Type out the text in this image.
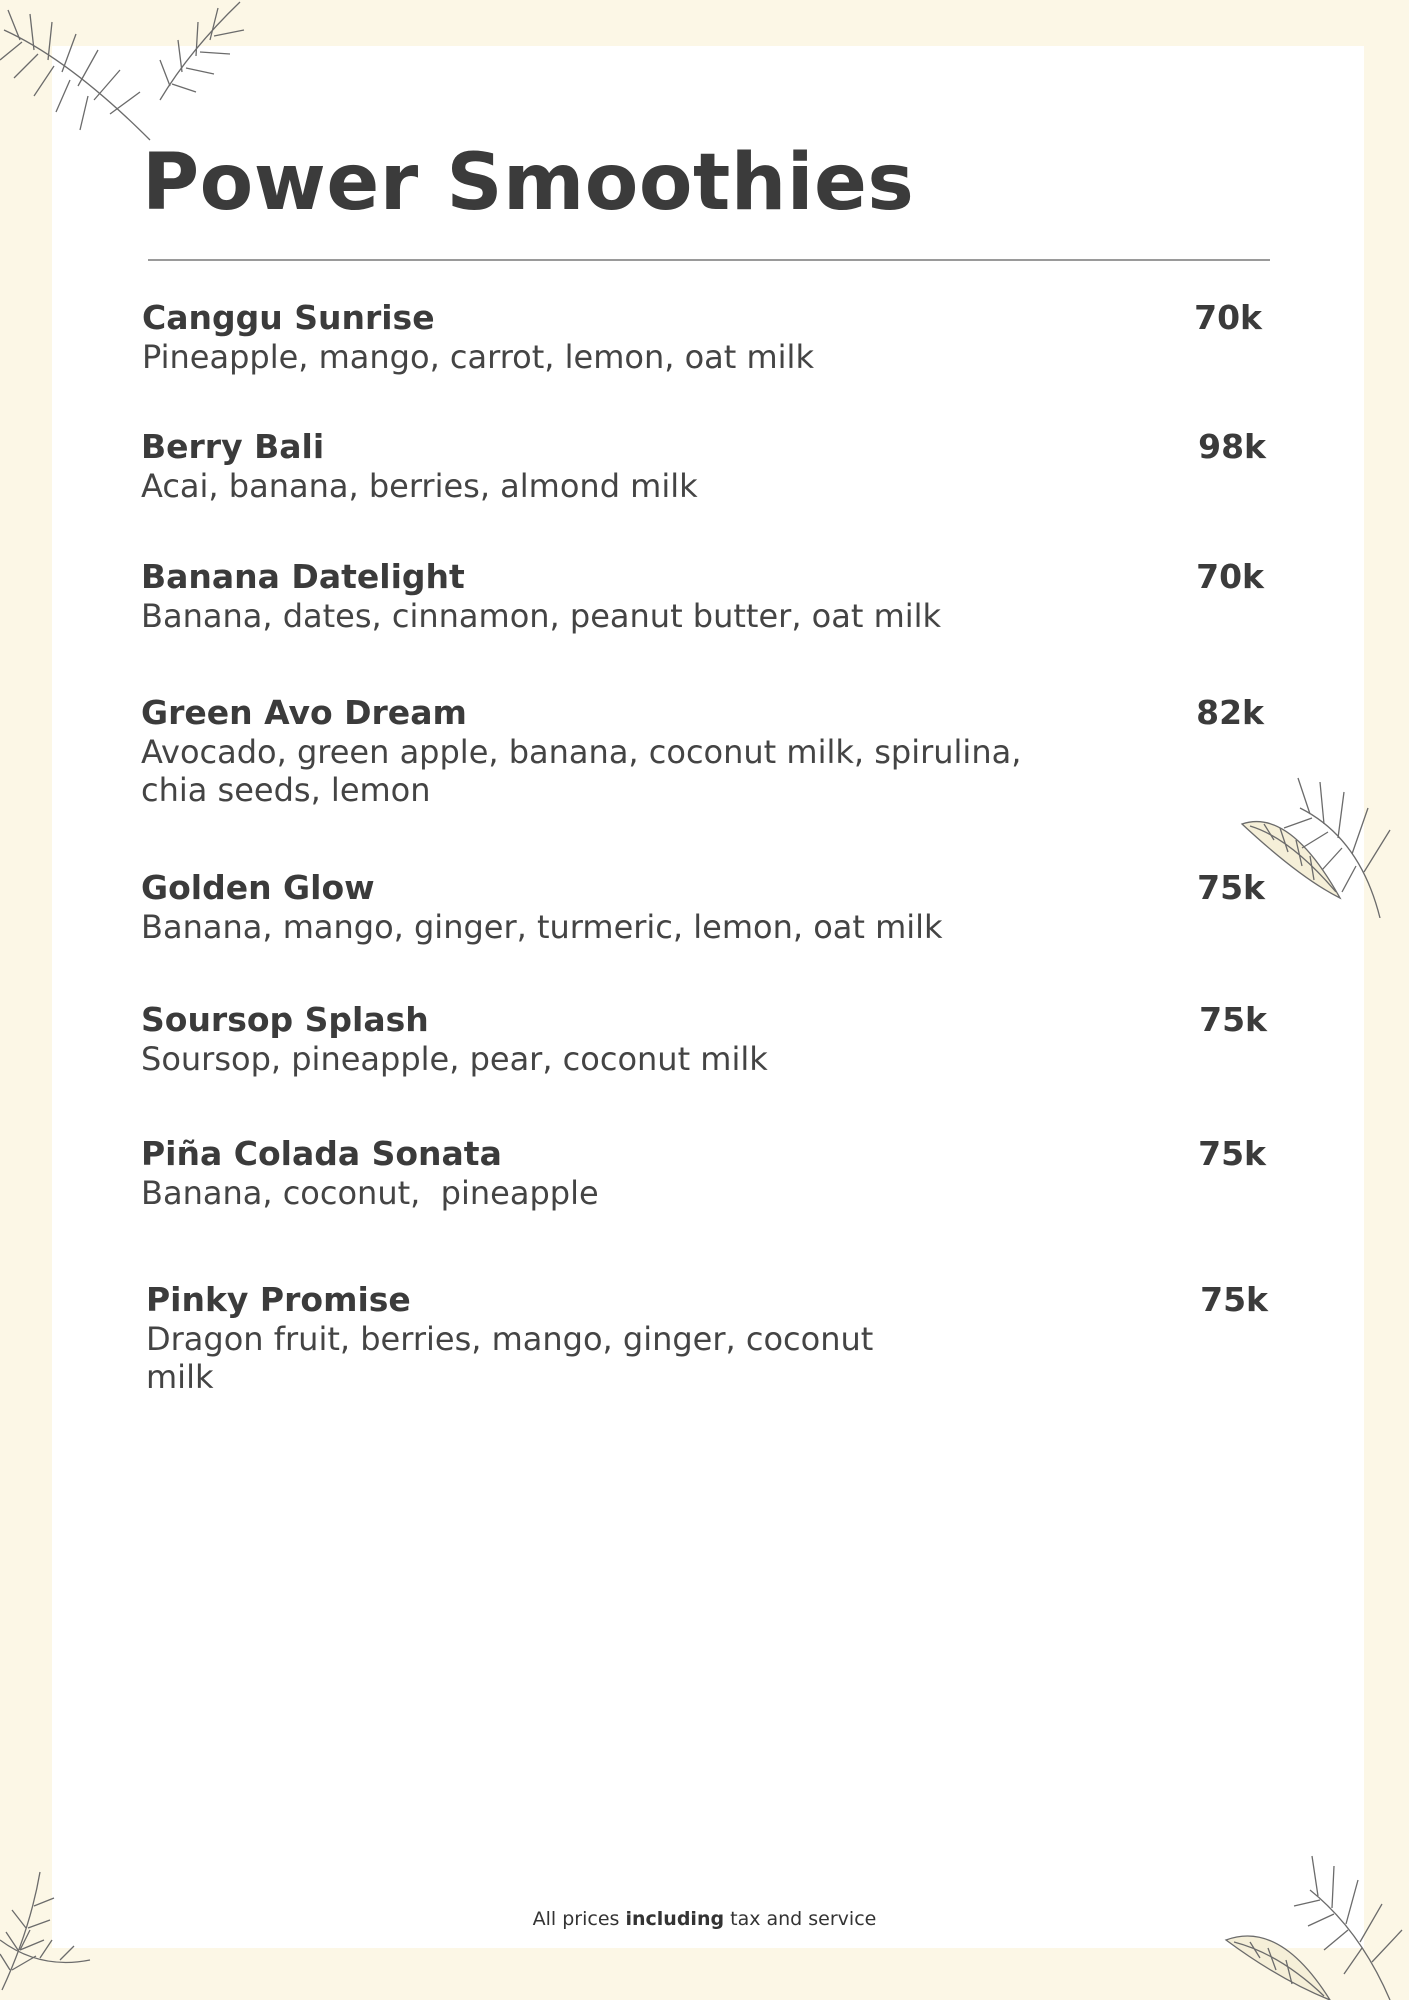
Power Smoothies
Canggu Sunrise
Pineapple, mango, carrot, lemon, oat milk
70k
Berry Bali
Acai, banana, berries, almond milk
98k
Banana Datelight
Banana, dates, cinnamon, peanut butter, oat milk
70k
Green Avo Dream
Avocado, green apple, banana, coconut milk, spirulina, chia seeds, lemon
82k
Golden Glow
Banana, mango, ginger, turmeric, lemon, oat milk
75k
Soursop Splash
Soursop, pineapple, pear, coconut milk
75k
Piña Colada Sonata
Banana, coconut,  pineapple
75k
Pinky Promise
Dragon fruit, berries, mango, ginger, coconut milk
75k
All prices including tax and service
